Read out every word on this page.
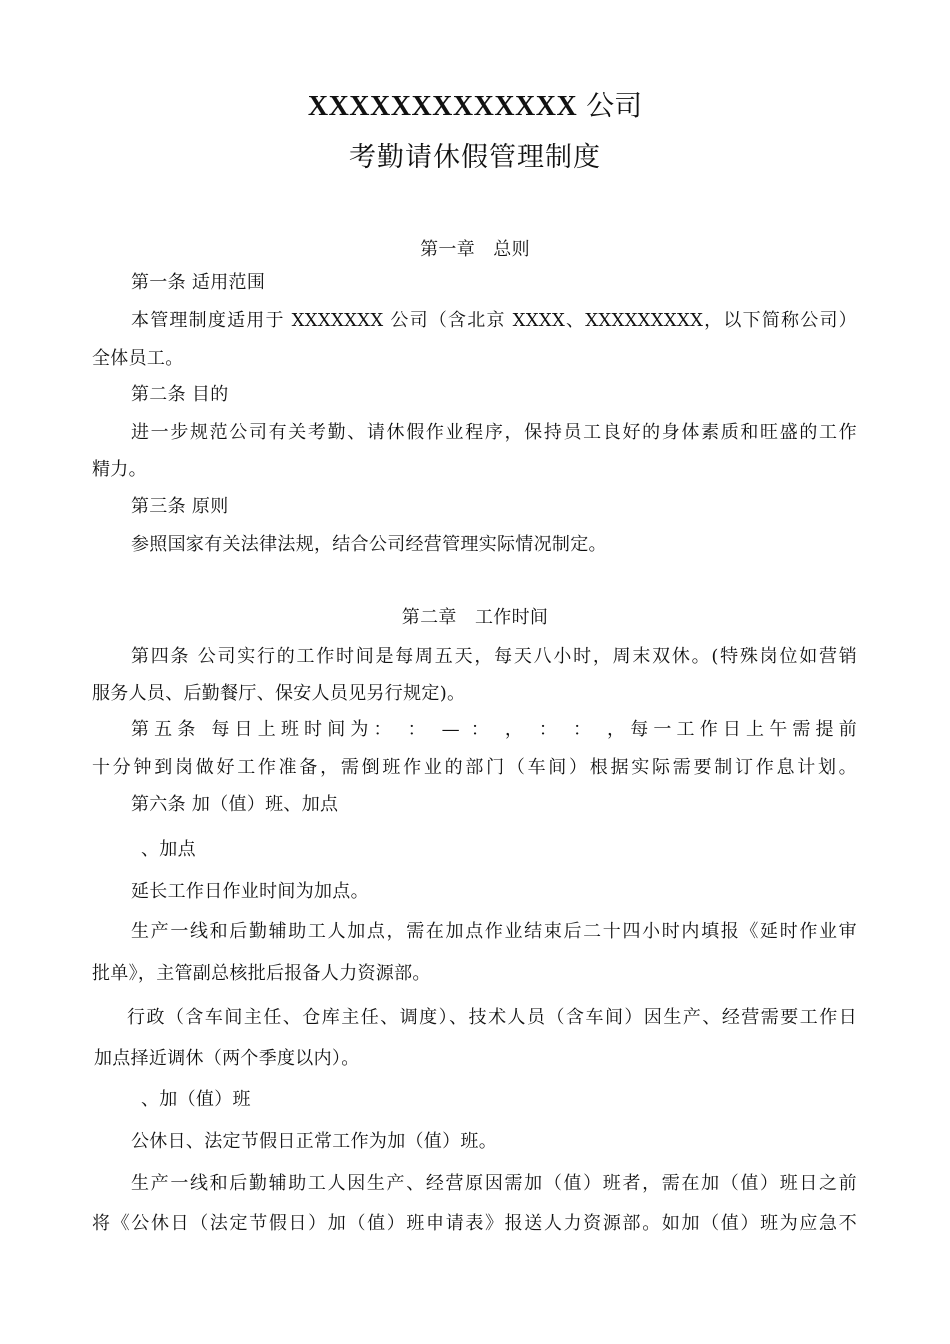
XXXXXXXXXXXXX 公司
考勤请休假管理制度
第一章　总则
第一条 适用范围
本管理制度适用于 XXXXXXX 公司（含北京 XXXX、XXXXXXXXX，以下简称公司）
全体员工。
第二条 目的
进一步规范公司有关考勤、请休假作业程序，保持员工良好的身体素质和旺盛的工作
精力。
第三条 原则
参照国家有关法律法规，结合公司经营管理实际情况制定。
第二章　工作时间
第四条 公司实行的工作时间是每周五天，每天八小时，周末双休。(特殊岗位如营销
服务人员、后勤餐厅、保安人员见另行规定)。
第五条 每日上班时间为： ： — ： ， ： ： ，每一工作日上午需提前
十分钟到岗做好工作准备，需倒班作业的部门（车间）根据实际需要制订作息计划。
第六条 加（值）班、加点
、加点
延长工作日作业时间为加点。
生产一线和后勤辅助工人加点，需在加点作业结束后二十四小时内填报《延时作业审
批单》，主管副总核批后报备人力资源部。
行政（含车间主任、仓库主任、调度）、技术人员（含车间）因生产、经营需要工作日
加点择近调休（两个季度以内）。
、加（值）班
公休日、法定节假日正常工作为加（值）班。
生产一线和后勤辅助工人因生产、经营原因需加（值）班者，需在加（值）班日之前
将《公休日（法定节假日）加（值）班申请表》报送人力资源部。如加（值）班为应急不
